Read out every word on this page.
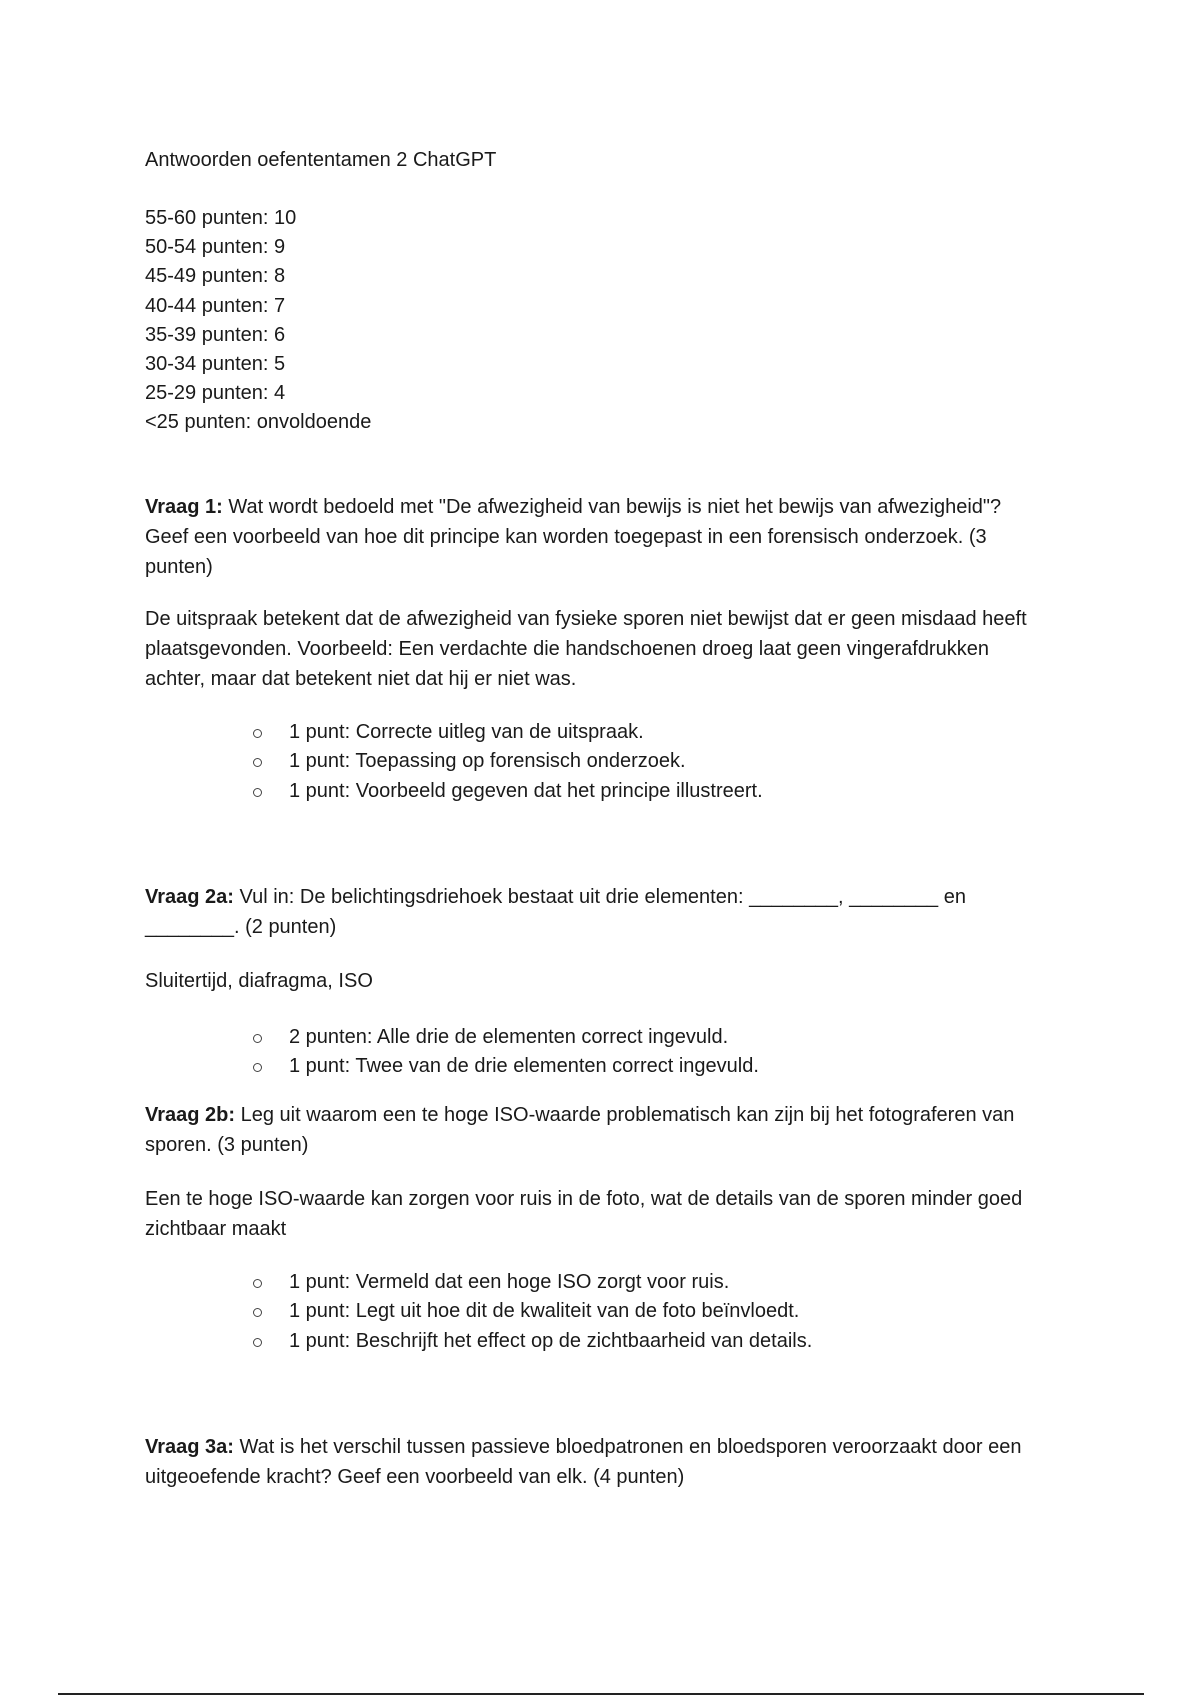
Antwoorden oefententamen 2 ChatGPT
55-60 punten: 10
50-54 punten: 9
45-49 punten: 8
40-44 punten: 7
35-39 punten: 6
30-34 punten: 5
25-29 punten: 4
<25 punten: onvoldoende

Vraag 1: Wat wordt bedoeld met "De afwezigheid van bewijs is niet het bewijs van afwezigheid"? Geef een voorbeeld van hoe dit principe kan worden toegepast in een forensisch onderzoek. (3 punten)

De uitspraak betekent dat de afwezigheid van fysieke sporen niet bewijst dat er geen misdaad heeft plaatsgevonden. Voorbeeld: Een verdachte die handschoenen droeg laat geen vingerafdrukken achter, maar dat betekent niet dat hij er niet was.

1 punt: Correcte uitleg van de uitspraak.
1 punt: Toepassing op forensisch onderzoek.
1 punt: Voorbeeld gegeven dat het principe illustreert.

Vraag 2a: Vul in: De belichtingsdriehoek bestaat uit drie elementen: ________, ________ en ________. (2 punten)

Sluitertijd, diafragma, ISO

2 punten: Alle drie de elementen correct ingevuld.
1 punt: Twee van de drie elementen correct ingevuld.

Vraag 2b: Leg uit waarom een te hoge ISO-waarde problematisch kan zijn bij het fotograferen van sporen. (3 punten)

Een te hoge ISO-waarde kan zorgen voor ruis in de foto, wat de details van de sporen minder goed zichtbaar maakt

1 punt: Vermeld dat een hoge ISO zorgt voor ruis.
1 punt: Legt uit hoe dit de kwaliteit van de foto beïnvloedt.
1 punt: Beschrijft het effect op de zichtbaarheid van details.

Vraag 3a: Wat is het verschil tussen passieve bloedpatronen en bloedsporen veroorzaakt door een uitgeoefende kracht? Geef een voorbeeld van elk. (4 punten)
